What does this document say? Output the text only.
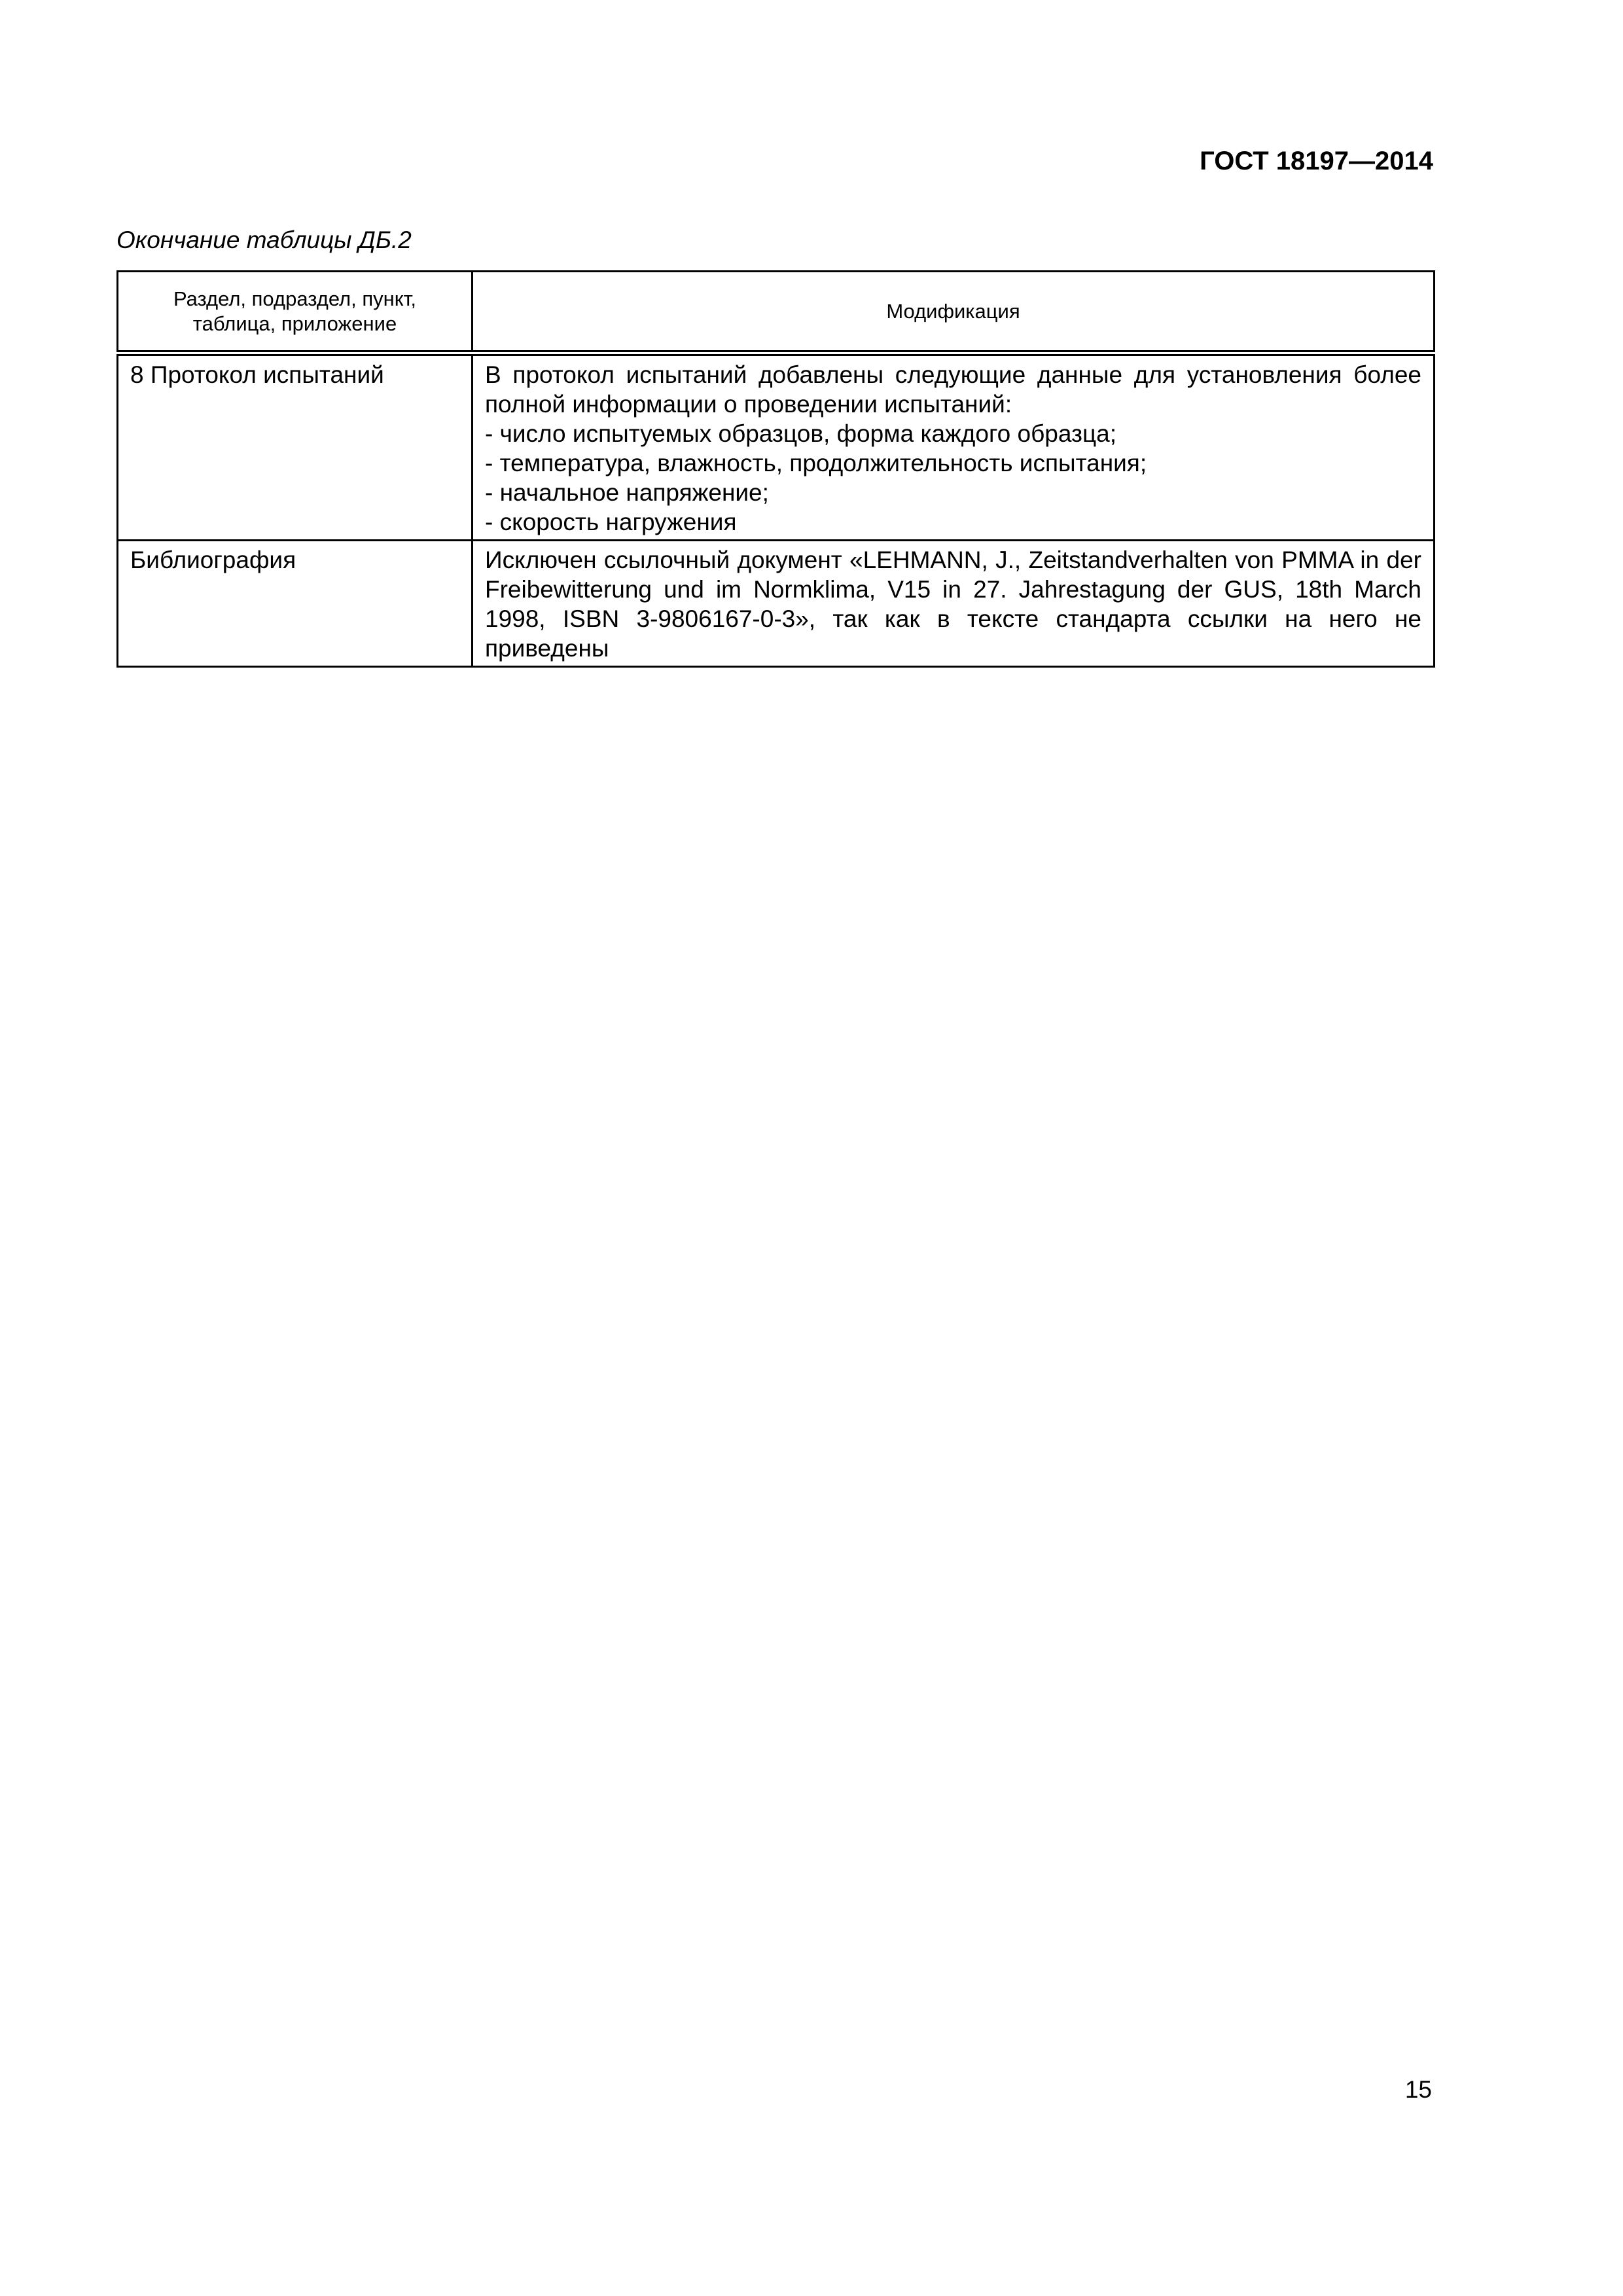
ГОСТ 18197—2014
Окончание таблицы ДБ.2
Раздел, подраздел, пункт, таблица, приложение	Модификация
8 Протокол испытаний	В протокол испытаний добавлены следующие данные для установления более полной информации о проведении испытаний:
- число испытуемых образцов, форма каждого образца;
- температура, влажность, продолжительность испытания;
- начальное напряжение;
- скорость нагружения

Библиография	Исключен ссылочный документ «LEHMANN, J., Zeitstandverhalten von PMMA in der Freibewitterung und im Normklima, V15 in 27. Jahrestagung der GUS, 18th March 1998, ISBN 3-9806167-0-3», так как в тексте стандарта ссылки на него не приведены
15
